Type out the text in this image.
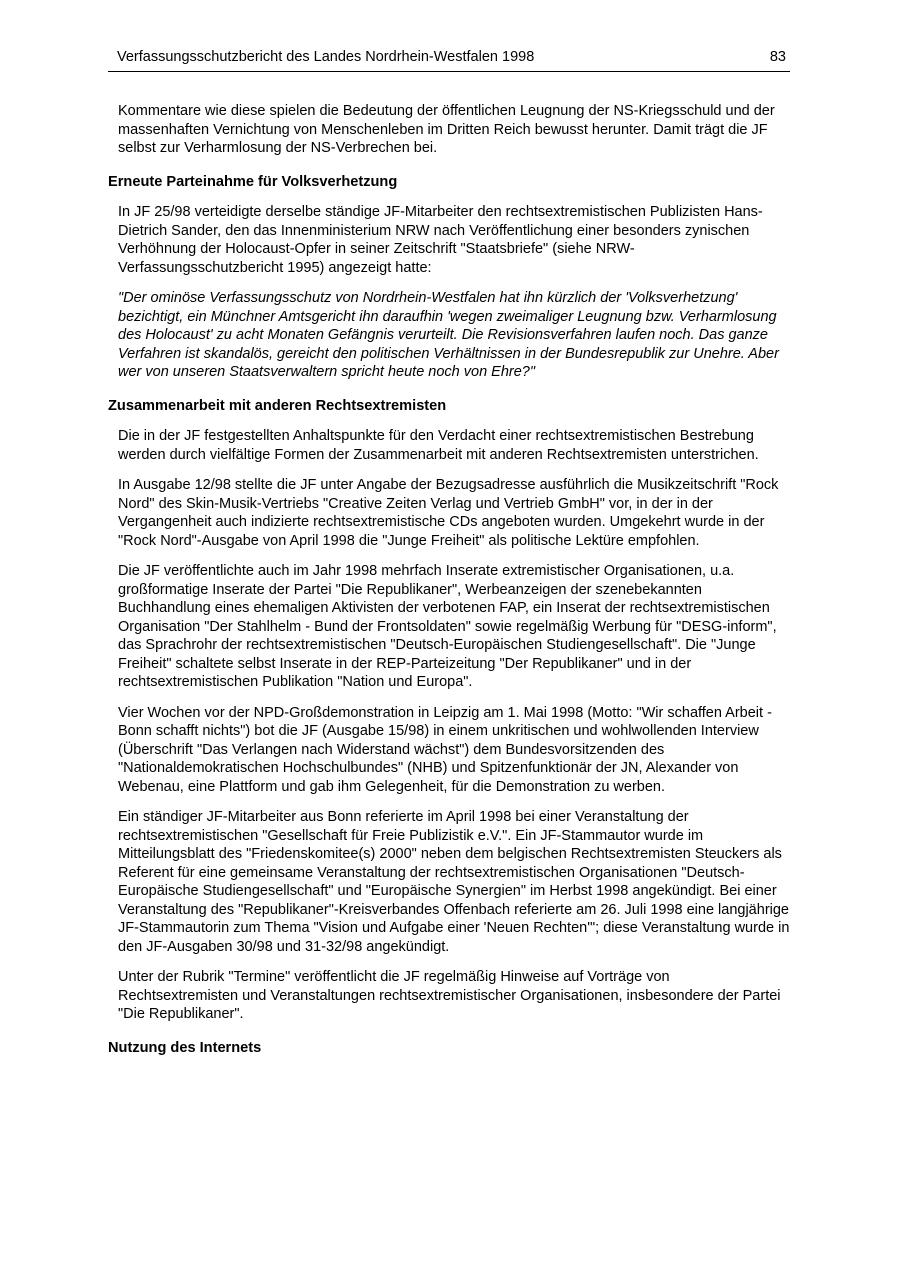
Verfassungsschutzbericht des Landes Nordrhein-Westfalen 1998	83

Kommentare wie diese spielen die Bedeutung der öffentlichen Leugnung der NS-Kriegsschuld und der massenhaften Vernichtung von Menschenleben im Dritten Reich bewusst herunter. Damit trägt die JF selbst zur Verharmlosung der NS-Verbrechen bei.

Erneute Parteinahme für Volksverhetzung

In JF 25/98 verteidigte derselbe ständige JF-Mitarbeiter den rechtsextremistischen Publizisten Hans-Dietrich Sander, den das Innenministerium NRW nach Veröffentlichung einer besonders zynischen Verhöhnung der Holocaust-Opfer in seiner Zeitschrift "Staatsbriefe" (siehe NRW-Verfassungsschutzbericht 1995) angezeigt hatte:

"Der ominöse Verfassungsschutz von Nordrhein-Westfalen hat ihn kürzlich der 'Volksverhetzung' bezichtigt, ein Münchner Amtsgericht ihn daraufhin 'wegen zweimaliger Leugnung bzw. Verharmlosung des Holocaust' zu acht Monaten Gefängnis verurteilt. Die Revisionsverfahren laufen noch. Das ganze Verfahren ist skandalös, gereicht den politischen Verhältnissen in der Bundesrepublik zur Unehre. Aber wer von unseren Staatsverwaltern spricht heute noch von Ehre?"

Zusammenarbeit mit anderen Rechtsextremisten

Die in der JF festgestellten Anhaltspunkte für den Verdacht einer rechtsextremistischen Bestrebung werden durch vielfältige Formen der Zusammenarbeit mit anderen Rechtsextremisten unterstrichen.

In Ausgabe 12/98 stellte die JF unter Angabe der Bezugsadresse ausführlich die Musikzeitschrift "Rock Nord" des Skin-Musik-Vertriebs "Creative Zeiten Verlag und Vertrieb GmbH" vor, in der in der Vergangenheit auch indizierte rechtsextremistische CDs angeboten wurden. Umgekehrt wurde in der "Rock Nord"-Ausgabe von April 1998 die "Junge Freiheit" als politische Lektüre empfohlen.

Die JF veröffentlichte auch im Jahr 1998 mehrfach Inserate extremistischer Organisationen, u.a. großformatige Inserate der Partei "Die Republikaner", Werbeanzeigen der szenebekannten Buchhandlung eines ehemaligen Aktivisten der verbotenen FAP, ein Inserat der rechtsextremistischen Organisation "Der Stahlhelm - Bund der Frontsoldaten" sowie regelmäßig Werbung für "DESG-inform", das Sprachrohr der rechtsextremistischen "Deutsch-Europäischen Studiengesellschaft". Die "Junge Freiheit" schaltete selbst Inserate in der REP-Parteizeitung "Der Republikaner" und in der rechtsextremistischen Publikation "Nation und Europa".

Vier Wochen vor der NPD-Großdemonstration in Leipzig am 1. Mai 1998 (Motto: "Wir schaffen Arbeit - Bonn schafft nichts") bot die JF (Ausgabe 15/98) in einem unkritischen und wohlwollenden Interview (Überschrift "Das Verlangen nach Widerstand wächst") dem Bundesvorsitzenden des "Nationaldemokratischen Hochschulbundes" (NHB) und Spitzenfunktionär der JN, Alexander von Webenau, eine Plattform und gab ihm Gelegenheit, für die Demonstration zu werben.

Ein ständiger JF-Mitarbeiter aus Bonn referierte im April 1998 bei einer Veranstaltung der rechtsextremistischen "Gesellschaft für Freie Publizistik e.V.". Ein JF-Stammautor wurde im Mitteilungsblatt des "Friedenskomitee(s) 2000" neben dem belgischen Rechtsextremisten Steuckers als Referent für eine gemeinsame Veranstaltung der rechtsextremistischen Organisationen "Deutsch-Europäische Studiengesellschaft" und "Europäische Synergien" im Herbst 1998 angekündigt. Bei einer Veranstaltung des "Republikaner"-Kreisverbandes Offenbach referierte am 26. Juli 1998 eine langjährige JF-Stammautorin zum Thema "Vision und Aufgabe einer 'Neuen Rechten'"; diese Veranstaltung wurde in den JF-Ausgaben 30/98 und 31-32/98 angekündigt.

Unter der Rubrik "Termine" veröffentlicht die JF regelmäßig Hinweise auf Vorträge von Rechtsextremisten und Veranstaltungen rechtsextremistischer Organisationen, insbesondere der Partei "Die Republikaner".

Nutzung des Internets
